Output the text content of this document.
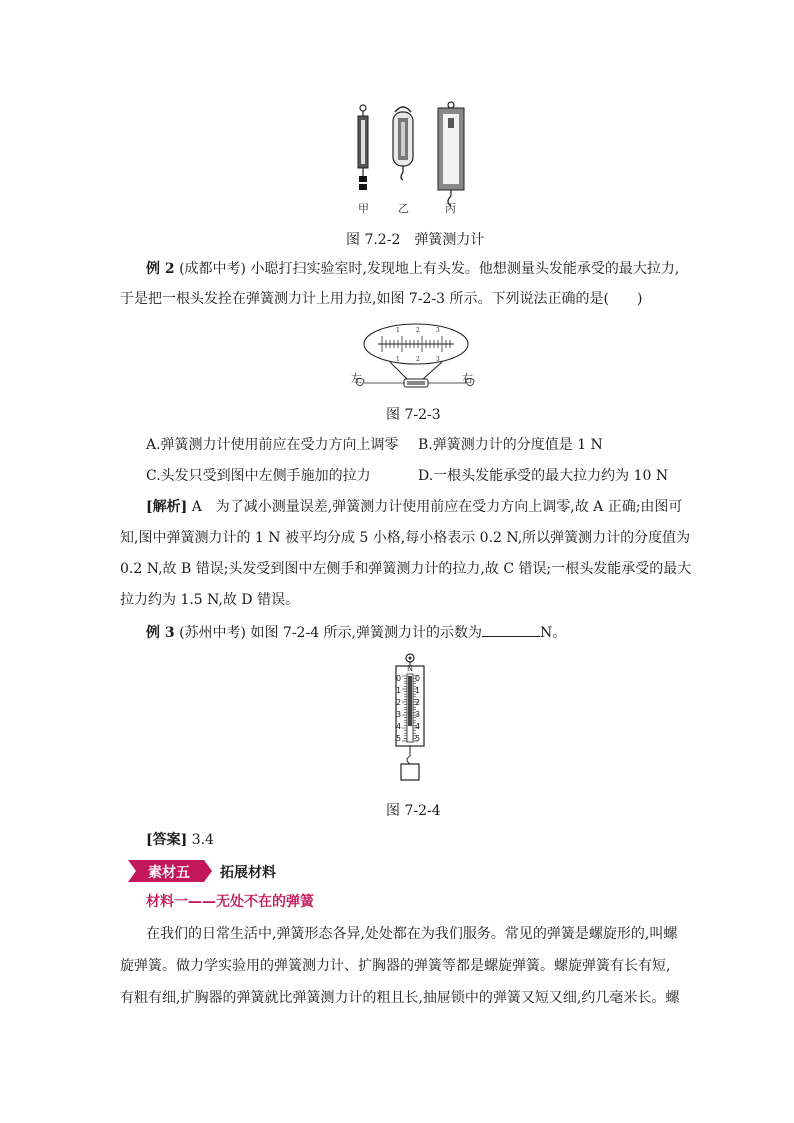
甲	乙	丙
图 7.2-2　弹簧测力计
例 2 (成都中考) 小聪打扫实验室时,发现地上有头发。他想测量头发能承受的最大拉力,
于是把一根头发拴在弹簧测力计上用力拉,如图 7-2-3 所示。下列说法正确的是(　　)
1	2	3
1	2	3
左	右
图 7-2-3
A.弹簧测力计使用前应在受力方向上调零 B.弹簧测力计的分度值是 1 N
C.头发只受到图中左侧手施加的拉力	D.一根头发能承受的最大拉力约为 10 N
[解析] A　为了减小测量误差,弹簧测力计使用前应在受力方向上调零,故 A 正确;由图可
知,图中弹簧测力计的 1 N 被平均分成 5 小格,每小格表示 0.2 N,所以弹簧测力计的分度值为
0.2 N,故 B 错误;头发受到图中左侧手和弹簧测力计的拉力,故 C 错误;一根头发能承受的最大
拉力约为 1.5 N,故 D 错误。
例 3 (苏州中考) 如图 7-2-4 所示,弹簧测力计的示数为	N。
N
0
1
2
3
4
5
0
1
2
3
4
5
图 7-2-4
[答案] 3.4
素材五 拓展材料
材料一——无处不在的弹簧
在我们的日常生活中,弹簧形态各异,处处都在为我们服务。常见的弹簧是螺旋形的,叫螺
旋弹簧。做力学实验用的弹簧测力计、扩胸器的弹簧等都是螺旋弹簧。螺旋弹簧有长有短,
有粗有细,扩胸器的弹簧就比弹簧测力计的粗且长,抽屉锁中的弹簧又短又细,约几毫米长。螺
